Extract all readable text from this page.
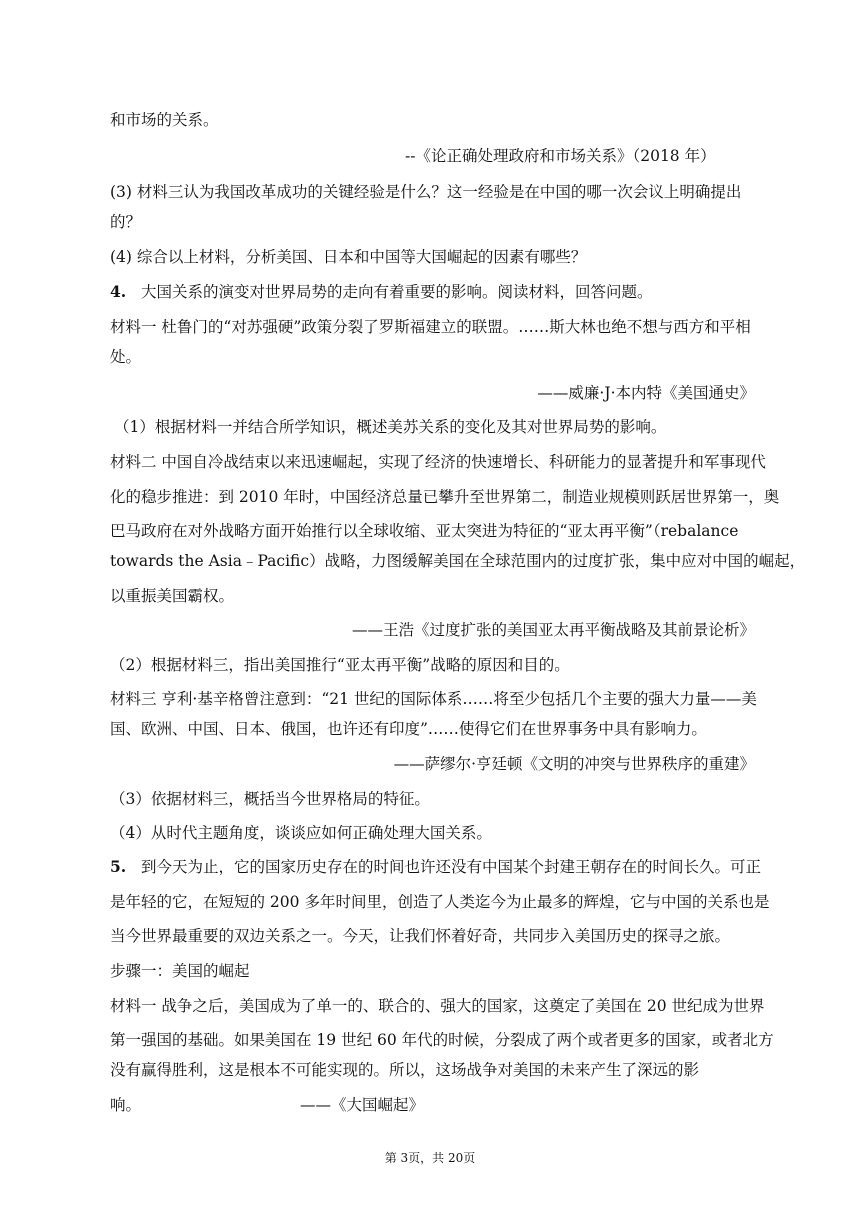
和市场的关系。
--《论正确处理政府和市场关系》（2018 年）
(3) 材料三认为我国改革成功的关键经验是什么？这一经验是在中国的哪一次会议上明确提出
的？
(4) 综合以上材料，分析美国、日本和中国等大国崛起的因素有哪些？
4. 大国关系的演变对世界局势的走向有着重要的影响。阅读材料，回答问题。
材料一 杜鲁门的“对苏强硬”政策分裂了罗斯福建立的联盟。……斯大林也绝不想与西方和平相
处。
——威廉·J·本内特《美国通史》
（1）根据材料一并结合所学知识，概述美苏关系的变化及其对世界局势的影响。
材料二 中国自冷战结束以来迅速崛起，实现了经济的快速增长、科研能力的显著提升和军事现代
化的稳步推进：到 2010 年时，中国经济总量已攀升至世界第二，制造业规模则跃居世界第一，奥
巴马政府在对外战略方面开始推行以全球收缩、亚太突进为特征的“亚太再平衡”（rebalance
towards the Asia﹣Pacific）战略，力图缓解美国在全球范围内的过度扩张，集中应对中国的崛起，
以重振美国霸权。
——王浩《过度扩张的美国亚太再平衡战略及其前景论析》
（2）根据材料三，指出美国推行“亚太再平衡”战略的原因和目的。
材料三 亨利·基辛格曾注意到：“21 世纪的国际体系……将至少包括几个主要的强大力量——美
国、欧洲、中国、日本、俄国，也许还有印度”……使得它们在世界事务中具有影响力。
——萨缪尔·亨廷顿《文明的冲突与世界秩序的重建》
（3）依据材料三，概括当今世界格局的特征。
（4）从时代主题角度，谈谈应如何正确处理大国关系。
5. 到今天为止，它的国家历史存在的时间也许还没有中国某个封建王朝存在的时间长久。可正
是年轻的它，在短短的 200 多年时间里，创造了人类迄今为止最多的辉煌，它与中国的关系也是
当今世界最重要的双边关系之一。今天，让我们怀着好奇，共同步入美国历史的探寻之旅。
步骤一：美国的崛起
材料一 战争之后，美国成为了单一的、联合的、强大的国家，这奠定了美国在 20 世纪成为世界
第一强国的基础。如果美国在 19 世纪 60 年代的时候，分裂成了两个或者更多的国家，或者北方
没有赢得胜利，这是根本不可能实现的。所以，这场战争对美国的未来产生了深远的影
响。	——《大国崛起》
第 3页，共 20页
